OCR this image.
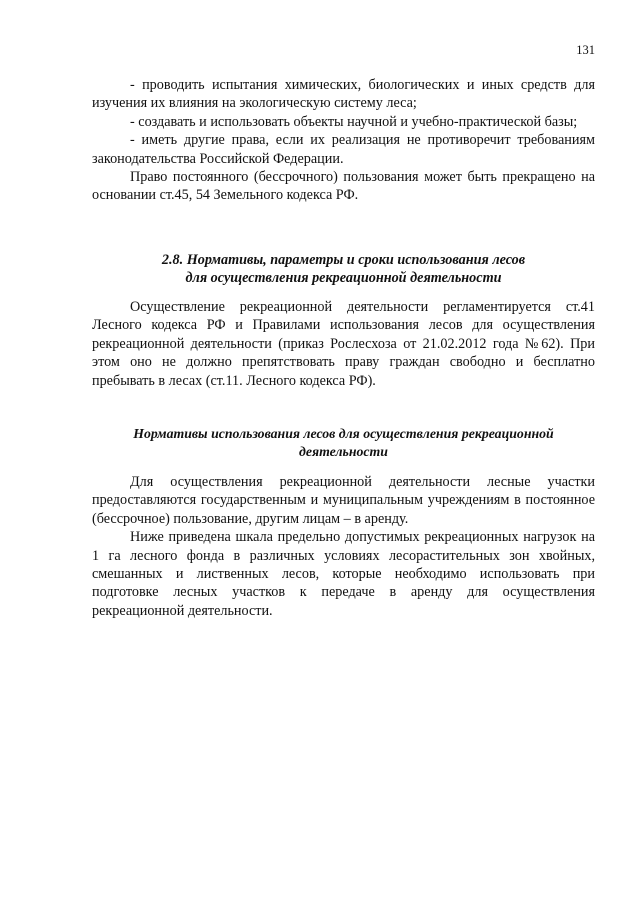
131

- проводить испытания химических, биологических и иных средств для изучения их влияния на экологическую систему леса;

- создавать и использовать объекты научной и учебно-практической базы;

- иметь другие права, если их реализация не противоречит требованиям законодательства Российской Федерации.

Право постоянного (бессрочного) пользования может быть прекращено на основании ст.45, 54 Земельного кодекса РФ.

2.8. Нормативы, параметры и сроки использования лесов
для осуществления рекреационной деятельности

Осуществление рекреационной деятельности регламентируется ст.41 Лесного кодекса РФ и Правилами использования лесов для осуществления рекреационной деятельности (приказ Рослесхоза от 21.02.2012 года №62). При этом оно не должно препятствовать праву граждан свободно и бесплатно пребывать в лесах (ст.11. Лесного кодекса РФ).

Нормативы использования лесов для осуществления рекреационной
деятельности

Для осуществления рекреационной деятельности лесные участки предоставляются государственным и муниципальным учреждениям в постоянное (бессрочное) пользование, другим лицам – в аренду.

Ниже приведена шкала предельно допустимых рекреационных нагрузок на 1 га лесного фонда в различных условиях лесорастительных зон хвойных, смешанных и лиственных лесов, которые необходимо использовать при подготовке лесных участков к передаче в аренду для осуществления рекреационной деятельности.
